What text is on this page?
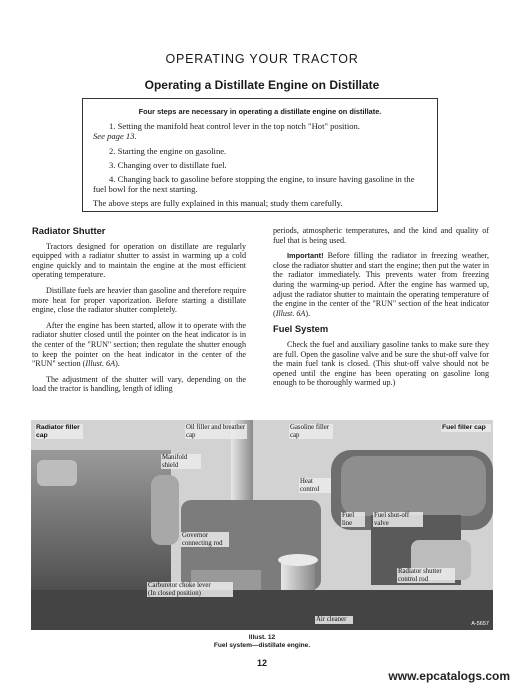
OPERATING YOUR TRACTOR
Operating a Distillate Engine on Distillate
Four steps are necessary in operating a distillate engine on distillate.
1. Setting the manifold heat control lever in the top notch "Hot" position.
See page 13.
2. Starting the engine on gasoline.
3. Changing over to distillate fuel.
4. Changing back to gasoline before stopping the engine, to insure having gasoline in the fuel bowl for the next starting.
The above steps are fully explained in this manual; study them carefully.
Radiator Shutter

Tractors designed for operation on distillate are regularly equipped with a radiator shutter to assist in warming up a cold engine quickly and to maintain the engine at the most efficient operating temperature.

Distillate fuels are heavier than gasoline and therefore require more heat for proper vaporization. Before starting a distillate engine, close the radiator shutter completely.

After the engine has been started, allow it to operate with the radiator shutter closed until the pointer on the heat indicator is in the center of the "RUN" section; then regulate the shutter enough to keep the pointer on the heat indicator in the center of the "RUN" section (Illust. 6A).

The adjustment of the shutter will vary, depending on the load the tractor is handling, length of idling

periods, atmospheric temperatures, and the kind and quality of fuel that is being used.

Important! Before filling the radiator in freezing weather, close the radiator shutter and start the engine; then put the water in the radiator immediately. This prevents water from freezing during the warming-up period. After the engine has warmed up, adjust the radiator shutter to maintain the operating temperature of the engine in the center of the "RUN" section of the heat indicator (Illust. 6A).

Fuel System

Check the fuel and auxiliary gasoline tanks to make sure they are full. Open the gasoline valve and be sure the shut-off valve for the main fuel tank is closed. (This shut-off valve should not be opened until the engine has been operating on gasoline long enough to be thoroughly warmed up.)

Radiator filler cap
Oil filler and breather cap
Gasoline filler cap
Fuel filler cap
Manifold shield
Heat control
Fuel line
Fuel shut-off valve
Governor connecting rod
Carburetor choke lever
(In closed position)
Radiator shutter control rod
Air cleaner
A-5657
Illust. 12
Fuel system—distillate engine.
12
www.epcatalogs.com
